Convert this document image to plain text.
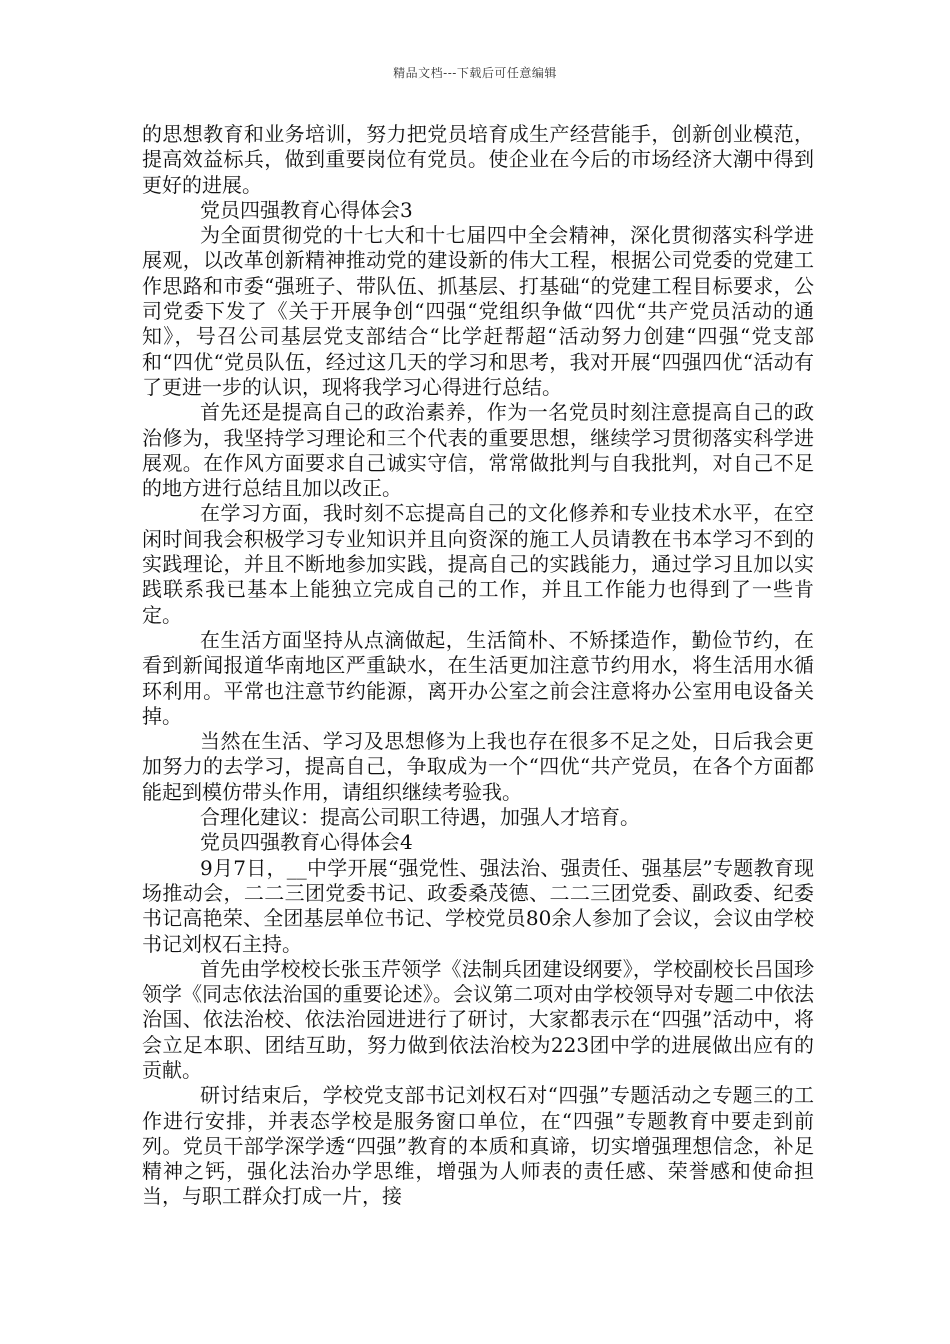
精品文档---下载后可任意编辑

的思想教育和业务培训，努力把党员培育成生产经营能手，创新创业模范，提高效益标兵，做到重要岗位有党员。使企业在今后的市场经济大潮中得到更好的进展。

党员四强教育心得体会3

为全面贯彻党的十七大和十七届四中全会精神，深化贯彻落实科学进展观，以改革创新精神推动党的建设新的伟大工程，根据公司党委的党建工作思路和市委“强班子、带队伍、抓基层、打基础“的党建工程目标要求，公司党委下发了《关于开展争创“四强“党组织争做“四优“共产党员活动的通知》，号召公司基层党支部结合“比学赶帮超“活动努力创建“四强“党支部和“四优“党员队伍，经过这几天的学习和思考，我对开展“四强四优“活动有了更进一步的认识，现将我学习心得进行总结。

首先还是提高自己的政治素养，作为一名党员时刻注意提高自己的政治修为，我坚持学习理论和三个代表的重要思想，继续学习贯彻落实科学进展观。在作风方面要求自己诚实守信，常常做批判与自我批判，对自己不足的地方进行总结且加以改正。

在学习方面，我时刻不忘提高自己的文化修养和专业技术水平，在空闲时间我会积极学习专业知识并且向资深的施工人员请教在书本学习不到的实践理论，并且不断地参加实践，提高自己的实践能力，通过学习且加以实践联系我已基本上能独立完成自己的工作，并且工作能力也得到了一些肯定。

在生活方面坚持从点滴做起，生活简朴、不矫揉造作，勤俭节约，在看到新闻报道华南地区严重缺水，在生活更加注意节约用水，将生活用水循环利用。平常也注意节约能源，离开办公室之前会注意将办公室用电设备关掉。

当然在生活、学习及思想修为上我也存在很多不足之处，日后我会更加努力的去学习，提高自己，争取成为一个“四优“共产党员，在各个方面都能起到模仿带头作用，请组织继续考验我。

合理化建议：提高公司职工待遇，加强人才培育。

党员四强教育心得体会4

9月7日，__中学开展“强党性、强法治、强责任、强基层”专题教育现场推动会，二二三团党委书记、政委桑茂德、二二三团党委、副政委、纪委书记高艳荣、全团基层单位书记、学校党员80余人参加了会议，会议由学校书记刘权石主持。

首先由学校校长张玉芹领学《法制兵团建设纲要》，学校副校长吕国珍领学《同志依法治国的重要论述》。会议第二项对由学校领导对专题二中依法治国、依法治校、依法治园进进行了研讨，大家都表示在“四强”活动中，将会立足本职、团结互助，努力做到依法治校为223团中学的进展做出应有的贡献。

研讨结束后，学校党支部书记刘权石对“四强”专题活动之专题三的工作进行安排，并表态学校是服务窗口单位，在“四强”专题教育中要走到前列。党员干部学深学透“四强”教育的本质和真谛，切实增强理想信念，补足精神之钙，强化法治办学思维，增强为人师表的责任感、荣誉感和使命担当，与职工群众打成一片，接
